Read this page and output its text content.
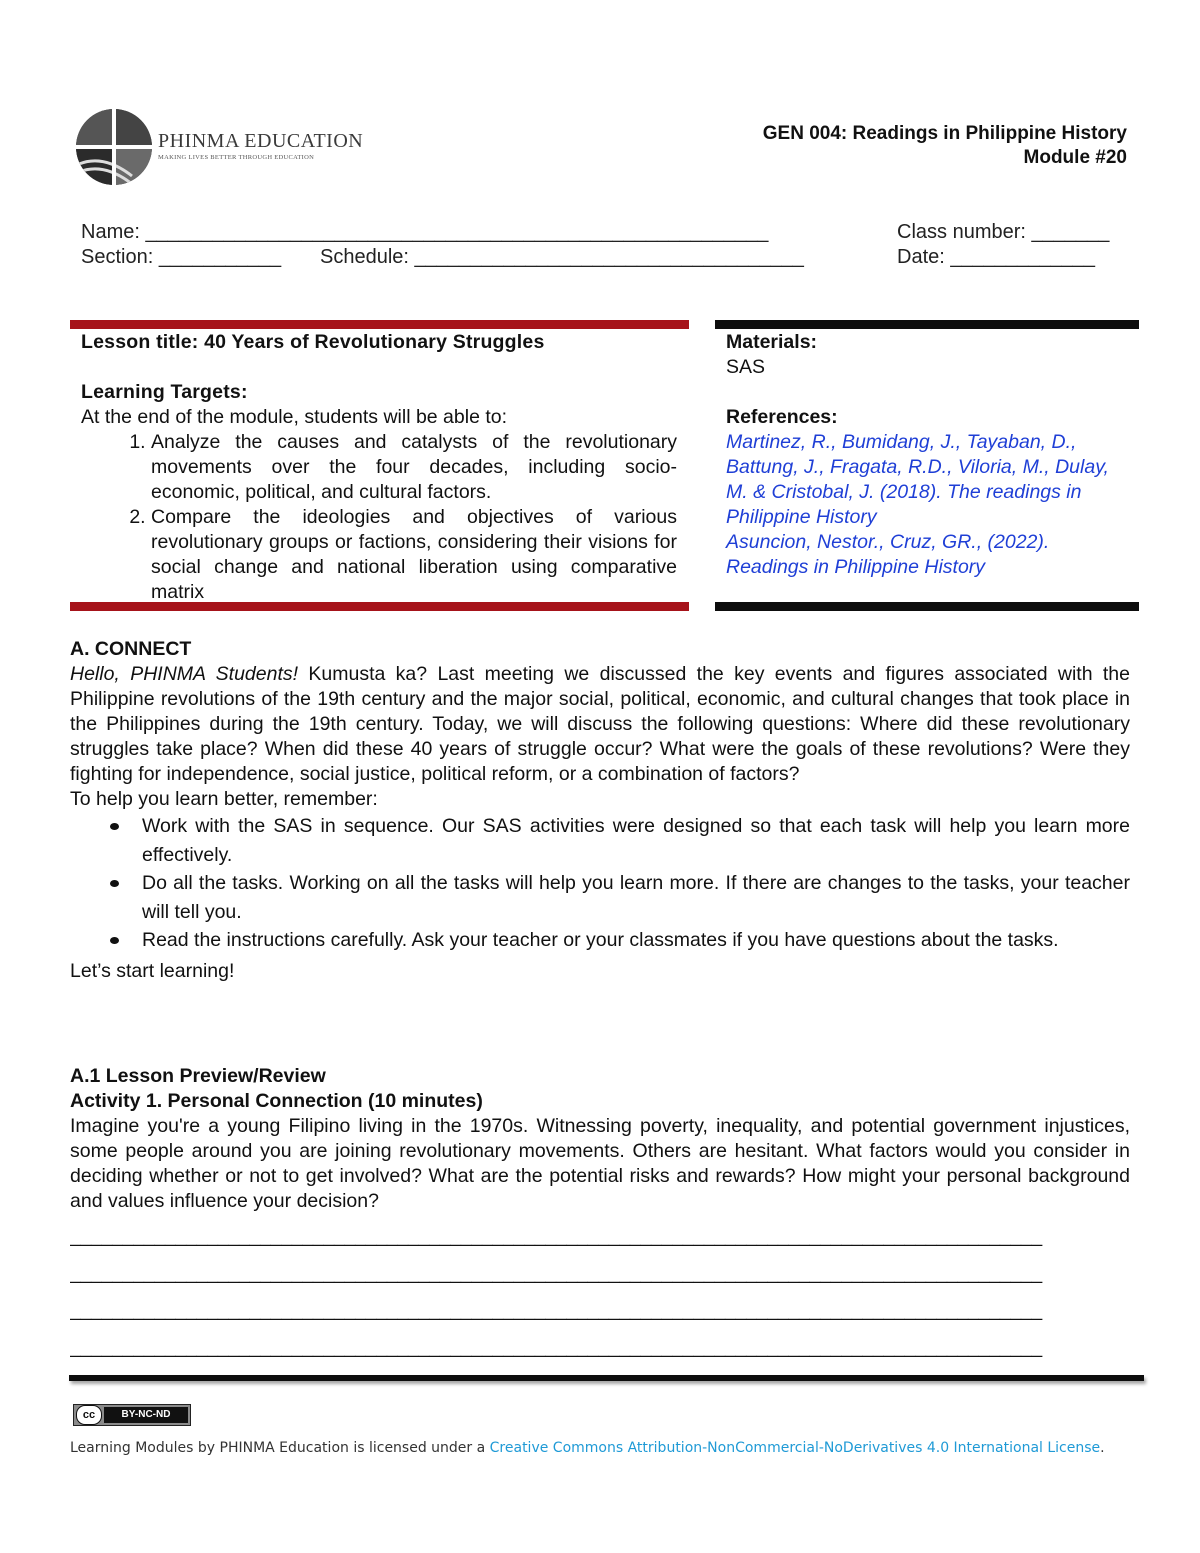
PHINMA EDUCATION
MAKING LIVES BETTER THROUGH EDUCATION
GEN 004: Readings in Philippine History
Module #20
Name: ________________________________________________________	Class number: _______
Section: ___________ Schedule: ___________________________________	Date: _____________
Lesson title: 40 Years of Revolutionary Struggles
Learning Targets:
At the end of the module, students will be able to:
1. Analyze the causes and catalysts of the revolutionary movements over the four decades, including socio-economic, political, and cultural factors.
2. Compare the ideologies and objectives of various revolutionary groups or factions, considering their visions for social change and national liberation using comparative matrix
Materials:
SAS
References:
Martinez, R., Bumidang, J., Tayaban, D., Battung, J., Fragata, R.D., Viloria, M., Dulay, M. & Cristobal, J. (2018). The readings in Philippine History
Asuncion, Nestor., Cruz, GR., (2022). Readings in Philippine History
A. CONNECT
Hello, PHINMA Students! Kumusta ka? Last meeting we discussed the key events and figures associated with the Philippine revolutions of the 19th century and the major social, political, economic, and cultural changes that took place in the Philippines during the 19th century. Today, we will discuss the following questions: Where did these revolutionary struggles take place? When did these 40 years of struggle occur? What were the goals of these revolutions? Were they fighting for independence, social justice, political reform, or a combination of factors?
To help you learn better, remember:
Work with the SAS in sequence. Our SAS activities were designed so that each task will help you learn more effectively.
Do all the tasks. Working on all the tasks will help you learn more. If there are changes to the tasks, your teacher will tell you.
Read the instructions carefully. Ask your teacher or your classmates if you have questions about the tasks.
Let’s start learning!
A.1 Lesson Preview/Review
Activity 1. Personal Connection (10 minutes)
Imagine you're a young Filipino living in the 1970s. Witnessing poverty, inequality, and potential government injustices, some people around you are joining revolutionary movements. Others are hesitant. What factors would you consider in deciding whether or not to get involved? What are the potential risks and rewards? How might your personal background and values influence your decision?
____________________________________________________________________________________________
____________________________________________________________________________________________
____________________________________________________________________________________________
____________________________________________________________________________________________
cc	BY-NC-ND
Learning Modules by PHINMA Education is licensed under a Creative Commons Attribution-NonCommercial-NoDerivatives 4.0 International License.
